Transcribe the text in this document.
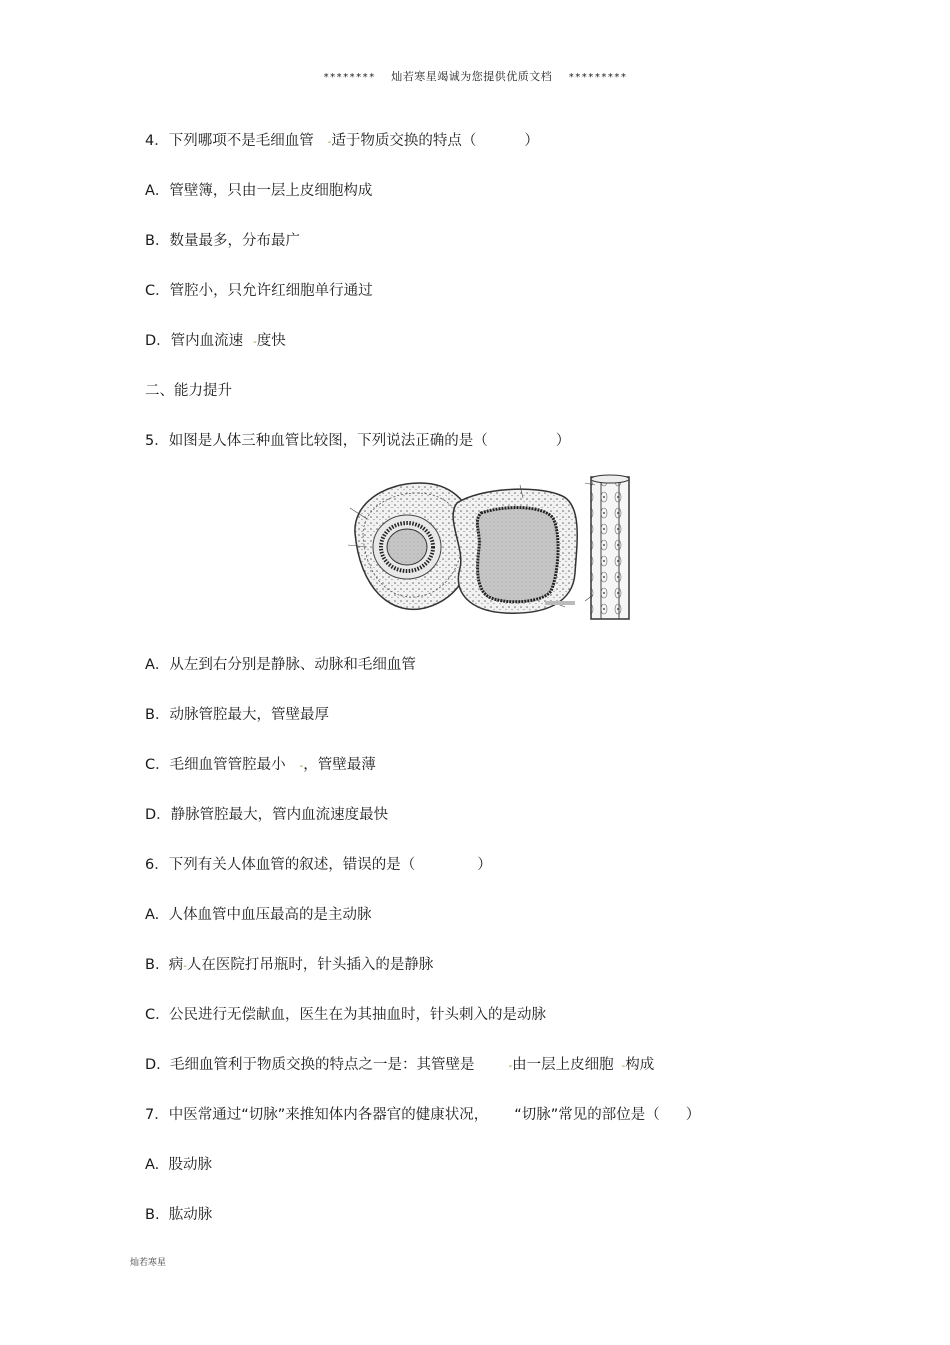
******** 灿若寒星竭诚为您提供优质文档 *********
4．下列哪项不是毛细血管 -适于物质交换的特点（	）
A．管壁簿，只由一层上皮细胞构成
B．数量最多，分布最广
C．管腔小，只允许红细胞单行通过
D．管内血流速 -度快
二、能力提升
5．如图是人体三种血管比较图，下列说法正确的是（	）
A．从左到右分别是静脉、动脉和毛细血管
B．动脉管腔最大，管壁最厚
C．毛细血管管腔最小 -，管壁最薄
D．静脉管腔最大，管内血流速度最快
6．下列有关人体血管的叙述，错误的是（	）
A.  人体血管中血压最高的是主动脉
B.  病-人在医院打吊瓶时，针头插入的是静脉
C.  公民进行无偿献血，医生在为其抽血时，针头刺入的是动脉
D.  毛细血管利于物质交换的特点之一是：其管壁是	-由一层上皮细胞 -构成
7．中医常通过“切脉”来推知体内各器官的健康状况， “切脉”常见的部位是（ ）
A.  股动脉
B.  肱动脉
灿若寒星
